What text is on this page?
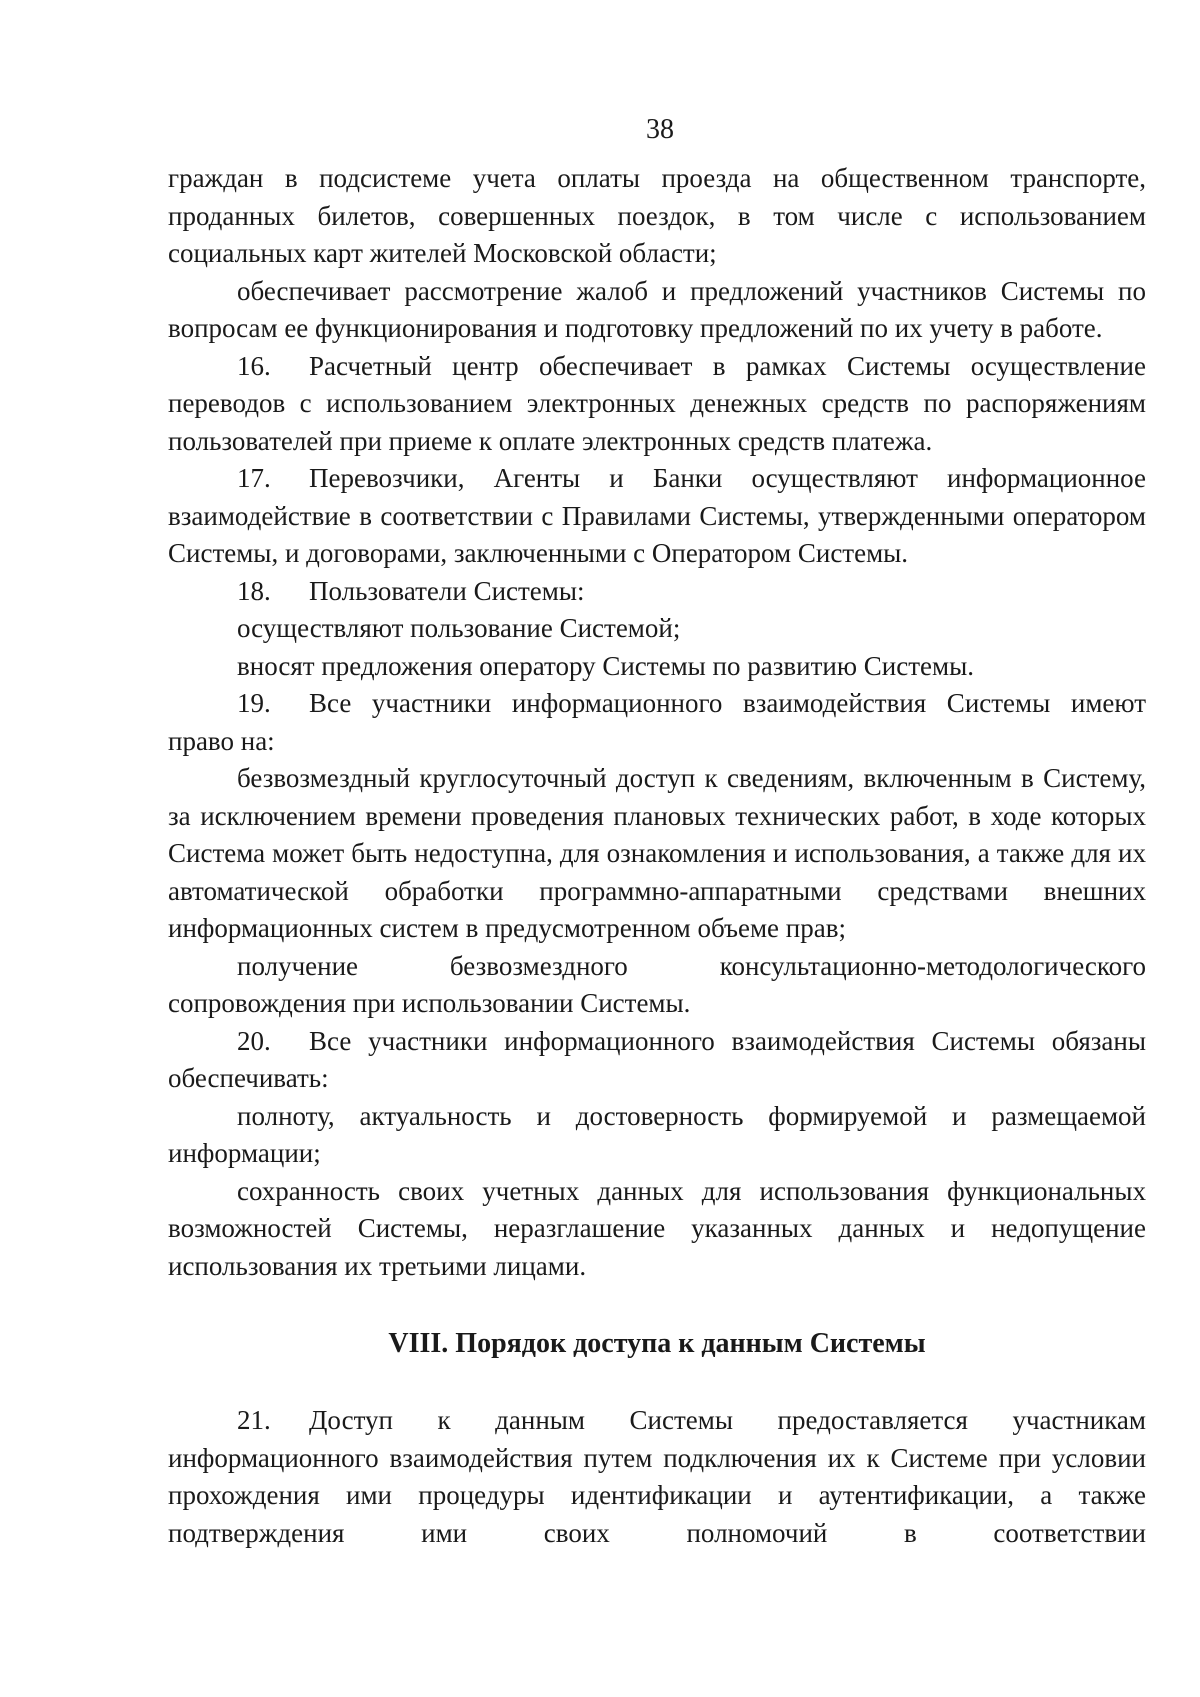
38

граждан в подсистеме учета оплаты проезда на общественном транспорте, проданных билетов, совершенных поездок, в том числе с использованием социальных карт жителей Московской области;

обеспечивает рассмотрение жалоб и предложений участников Системы по вопросам ее функционирования и подготовку предложений по их учету в работе.

16. Расчетный центр обеспечивает в рамках Системы осуществление переводов с использованием электронных денежных средств по распоряжениям пользователей при приеме к оплате электронных средств платежа.

17. Перевозчики, Агенты и Банки осуществляют информационное взаимодействие в соответствии с Правилами Системы, утвержденными оператором Системы, и договорами, заключенными с Оператором Системы.

18. Пользователи Системы:

осуществляют пользование Системой;

вносят предложения оператору Системы по развитию Системы.

19. Все участники информационного взаимодействия Системы имеют право на:

безвозмездный круглосуточный доступ к сведениям, включенным в Систему, за исключением времени проведения плановых технических работ, в ходе которых Система может быть недоступна, для ознакомления и использования, а также для их автоматической обработки программно-аппаратными средствами внешних информационных систем в предусмотренном объеме прав;

получение безвозмездного консультационно-методологического сопровождения при использовании Системы.

20. Все участники информационного взаимодействия Системы обязаны обеспечивать:

полноту, актуальность и достоверность формируемой и размещаемой информации;

сохранность своих учетных данных для использования функциональных возможностей Системы, неразглашение указанных данных и недопущение использования их третьими лицами.

VIII. Порядок доступа к данным Системы

21. Доступ к данным Системы предоставляется участникам информационного взаимодействия путем подключения их к Системе при условии прохождения ими процедуры идентификации и аутентификации, а также подтверждения ими своих полномочий в соответствии
